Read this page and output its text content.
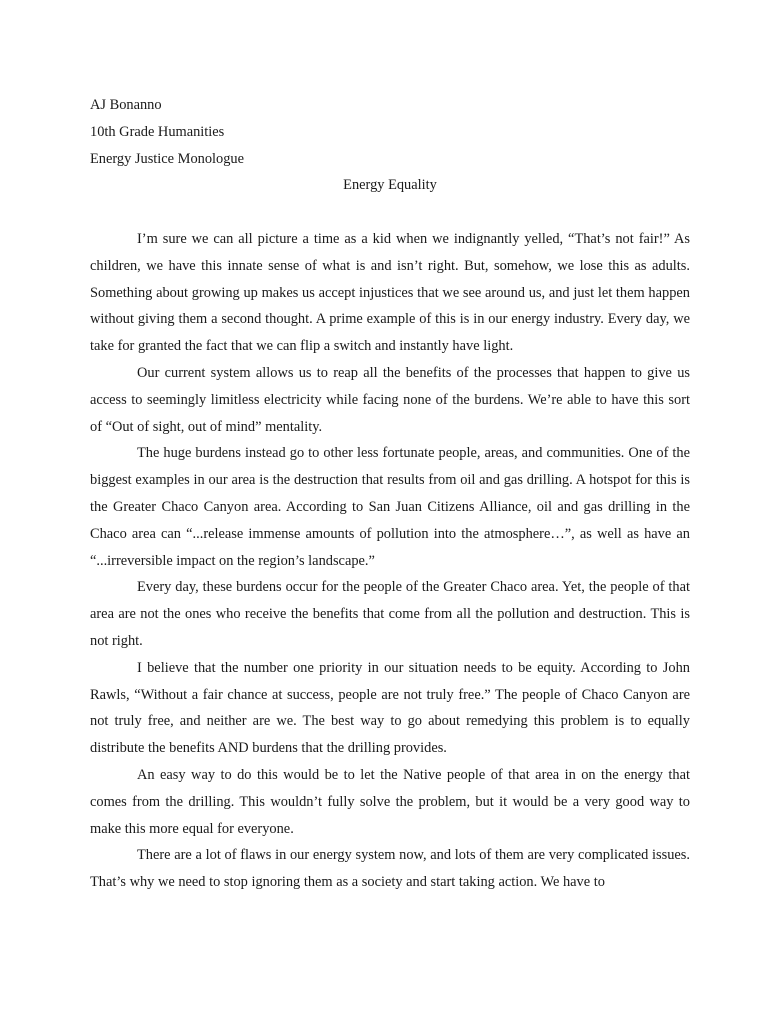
AJ Bonanno
10th Grade Humanities
Energy Justice Monologue
Energy Equality

I’m sure we can all picture a time as a kid when we indignantly yelled, “That’s not fair!” As children, we have this innate sense of what is and isn’t right. But, somehow, we lose this as adults. Something about growing up makes us accept injustices that we see around us, and just let them happen without giving them a second thought. A prime example of this is in our energy industry. Every day, we take for granted the fact that we can flip a switch and instantly have light.

Our current system allows us to reap all the benefits of the processes that happen to give us access to seemingly limitless electricity while facing none of the burdens. We’re able to have this sort of “Out of sight, out of mind” mentality.

The huge burdens instead go to other less fortunate people, areas, and communities. One of the biggest examples in our area is the destruction that results from oil and gas drilling. A hotspot for this is the Greater Chaco Canyon area. According to San Juan Citizens Alliance, oil and gas drilling in the Chaco area can “...release immense amounts of pollution into the atmosphere…”, as well as have an “...irreversible impact on the region’s landscape.”

Every day, these burdens occur for the people of the Greater Chaco area. Yet, the people of that area are not the ones who receive the benefits that come from all the pollution and destruction. This is not right.

I believe that the number one priority in our situation needs to be equity. According to John Rawls, “Without a fair chance at success, people are not truly free.” The people of Chaco Canyon are not truly free, and neither are we. The best way to go about remedying this problem is to equally distribute the benefits AND burdens that the drilling provides.

An easy way to do this would be to let the Native people of that area in on the energy that comes from the drilling. This wouldn’t fully solve the problem, but it would be a very good way to make this more equal for everyone.

There are a lot of flaws in our energy system now, and lots of them are very complicated issues. That’s why we need to stop ignoring them as a society and start taking action. We have to
